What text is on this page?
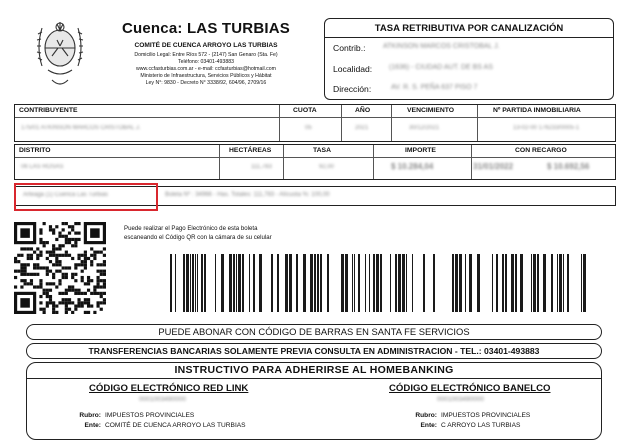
Cuenca: LAS TURBIAS
COMITÉ DE CUENCA ARROYO LAS TURBIAS
Domicilio Legal: Entre Ríos 572 - (2147) San Genaro (Sta. Fe)
Teléfono: 03401-493883
www.ccfasturbias.com.ar - e-mail: ccfasturbias@hotmail.com
Ministerio de Infraestructura, Servicios Públicos y Hábitat
Ley N°: 9830 - Decreto N° 3338/92, 604/96, 2709/16
TASA RETRIBUTIVA POR CANALIZACIÓN
Contrib.:	ATKINSON MARCOS CRISTOBAL J.
Localidad: (1636) - CIUDAD AUT. DE BS AS
Dirección:	AV. R. S. PEÑA 637 PISO 7
CONTRIBUYENTE	CUOTA	AÑO	VENCIMIENTO	Nº PARTIDA INMOBILIARIA
175/01 ATKINSON MARCOS CRISTOBAL J.	05	2021	30/12/2021	13-02-00 176233/0005-1
DISTRITO	HECTÁREAS	TASA	IMPORTE	CON RECARGO
06 LAS ROSAS	111,783	92,00	$ 10.284,04	31/01/2022	$ 10.692,56
Arteaga (1) Cuenca Las Turbias	Boleta Nº : 34966 - Has. Totales: 111,783 - Alícuota %: 100,00
Puede realizar el Pago Electrónico de esta boleta
escaneando el Código QR con la cámara de su celular
PUEDE ABONAR CON CÓDIGO DE BARRAS EN SANTA FE SERVICIOS
TRANSFERENCIAS BANCARIAS SOLAMENTE PREVIA CONSULTA EN ADMINISTRACION - TEL.: 03401-493883
INSTRUCTIVO PARA ADHERIRSE AL HOMEBANKING
CÓDIGO ELECTRÓNICO RED LINK
0001003490000
Rubro: IMPUESTOS PROVINCIALES
Ente: COMITÉ DE CUENCA ARROYO LAS TURBIAS
CÓDIGO ELECTRÓNICO BANELCO
0001003490000
Rubro: IMPUESTOS PROVINCIALES
Ente: C ARROYO LAS TURBIAS
